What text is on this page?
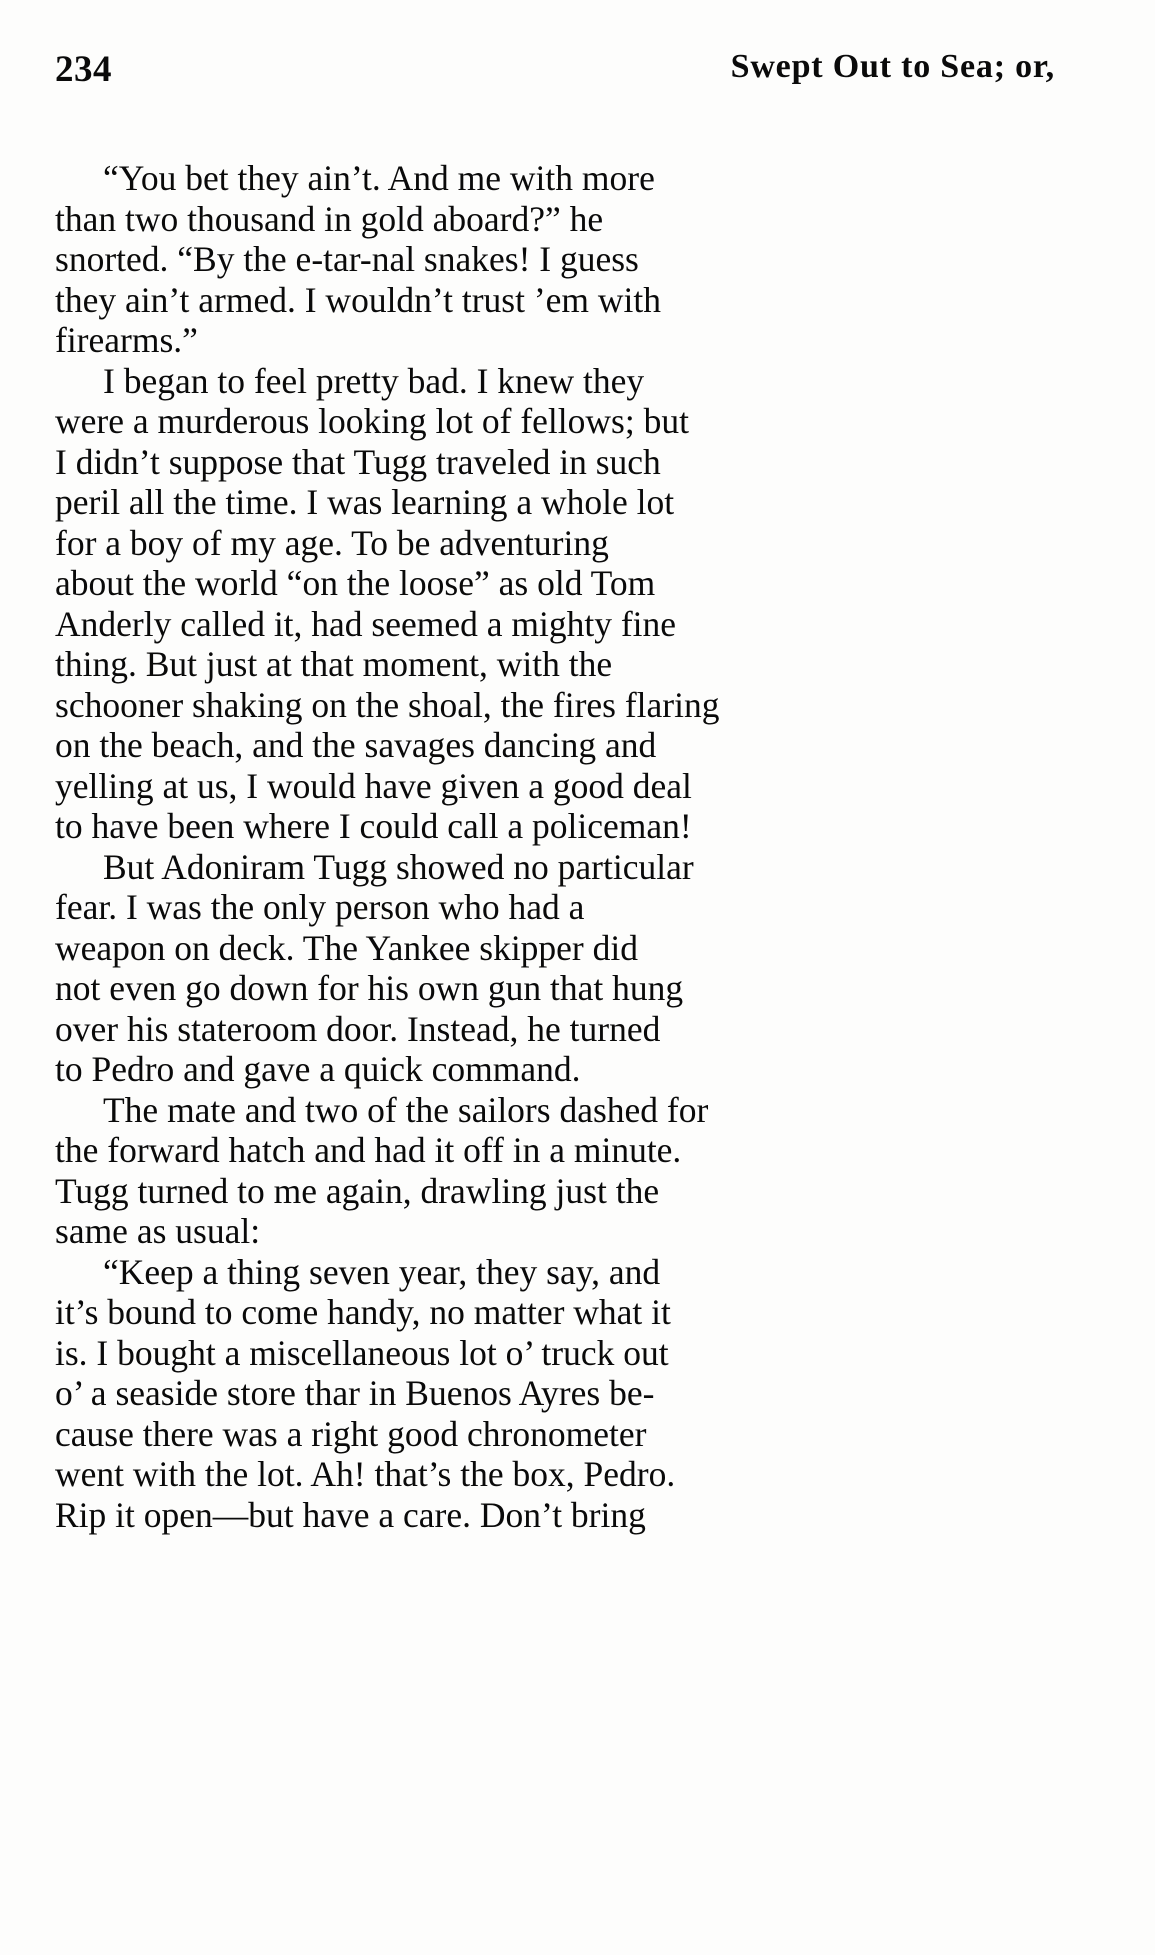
234	Swept Out to Sea; or,
“You bet they ain’t. And me with more
than two thousand in gold aboard?” he
snorted. “By the e-tar-nal snakes! I guess
they ain’t armed. I wouldn’t trust ’em with
firearms.”
I began to feel pretty bad. I knew they
were a murderous looking lot of fellows; but
I didn’t suppose that Tugg traveled in such
peril all the time. I was learning a whole lot
for a boy of my age. To be adventuring
about the world “on the loose” as old Tom
Anderly called it, had seemed a mighty fine
thing. But just at that moment, with the
schooner shaking on the shoal, the fires flaring
on the beach, and the savages dancing and
yelling at us, I would have given a good deal
to have been where I could call a policeman!
But Adoniram Tugg showed no particular
fear. I was the only person who had a
weapon on deck. The Yankee skipper did
not even go down for his own gun that hung
over his stateroom door. Instead, he turned
to Pedro and gave a quick command.
The mate and two of the sailors dashed for
the forward hatch and had it off in a minute.
Tugg turned to me again, drawling just the
same as usual:
“Keep a thing seven year, they say, and
it’s bound to come handy, no matter what it
is. I bought a miscellaneous lot o’ truck out
o’ a seaside store thar in Buenos Ayres be-
cause there was a right good chronometer
went with the lot. Ah! that’s the box, Pedro.
Rip it open—but have a care. Don’t bring
